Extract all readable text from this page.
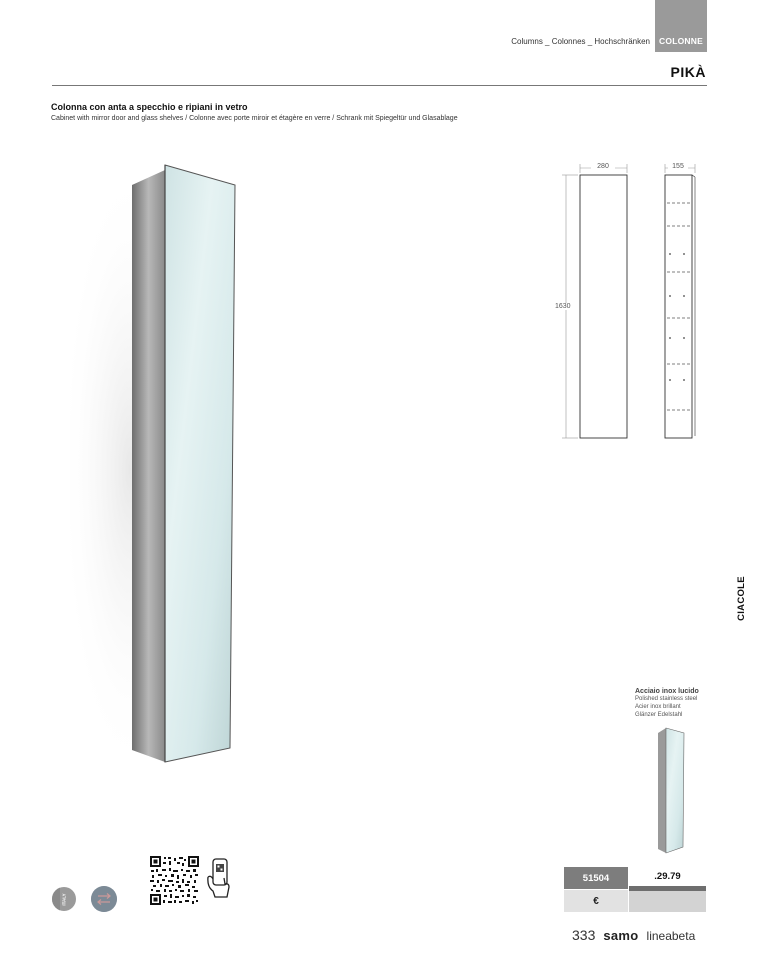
Columns _ Colonnes _ Hochschränken	COLONNE
PIKÀ
Colonna con anta a specchio e ripiani in vetro
Cabinet with mirror door and glass shelves / Colonne avec porte miroir et étagère en verre / Schrank mit Spiegeltür und Glasablage
280	155
1630
CIACOLE
Acciaio inox lucido
Polished stainless steel
Acier inox brillant
Glänzer Edelstahl
51504	.29.79
€
ITALY
333 samo lineabeta
